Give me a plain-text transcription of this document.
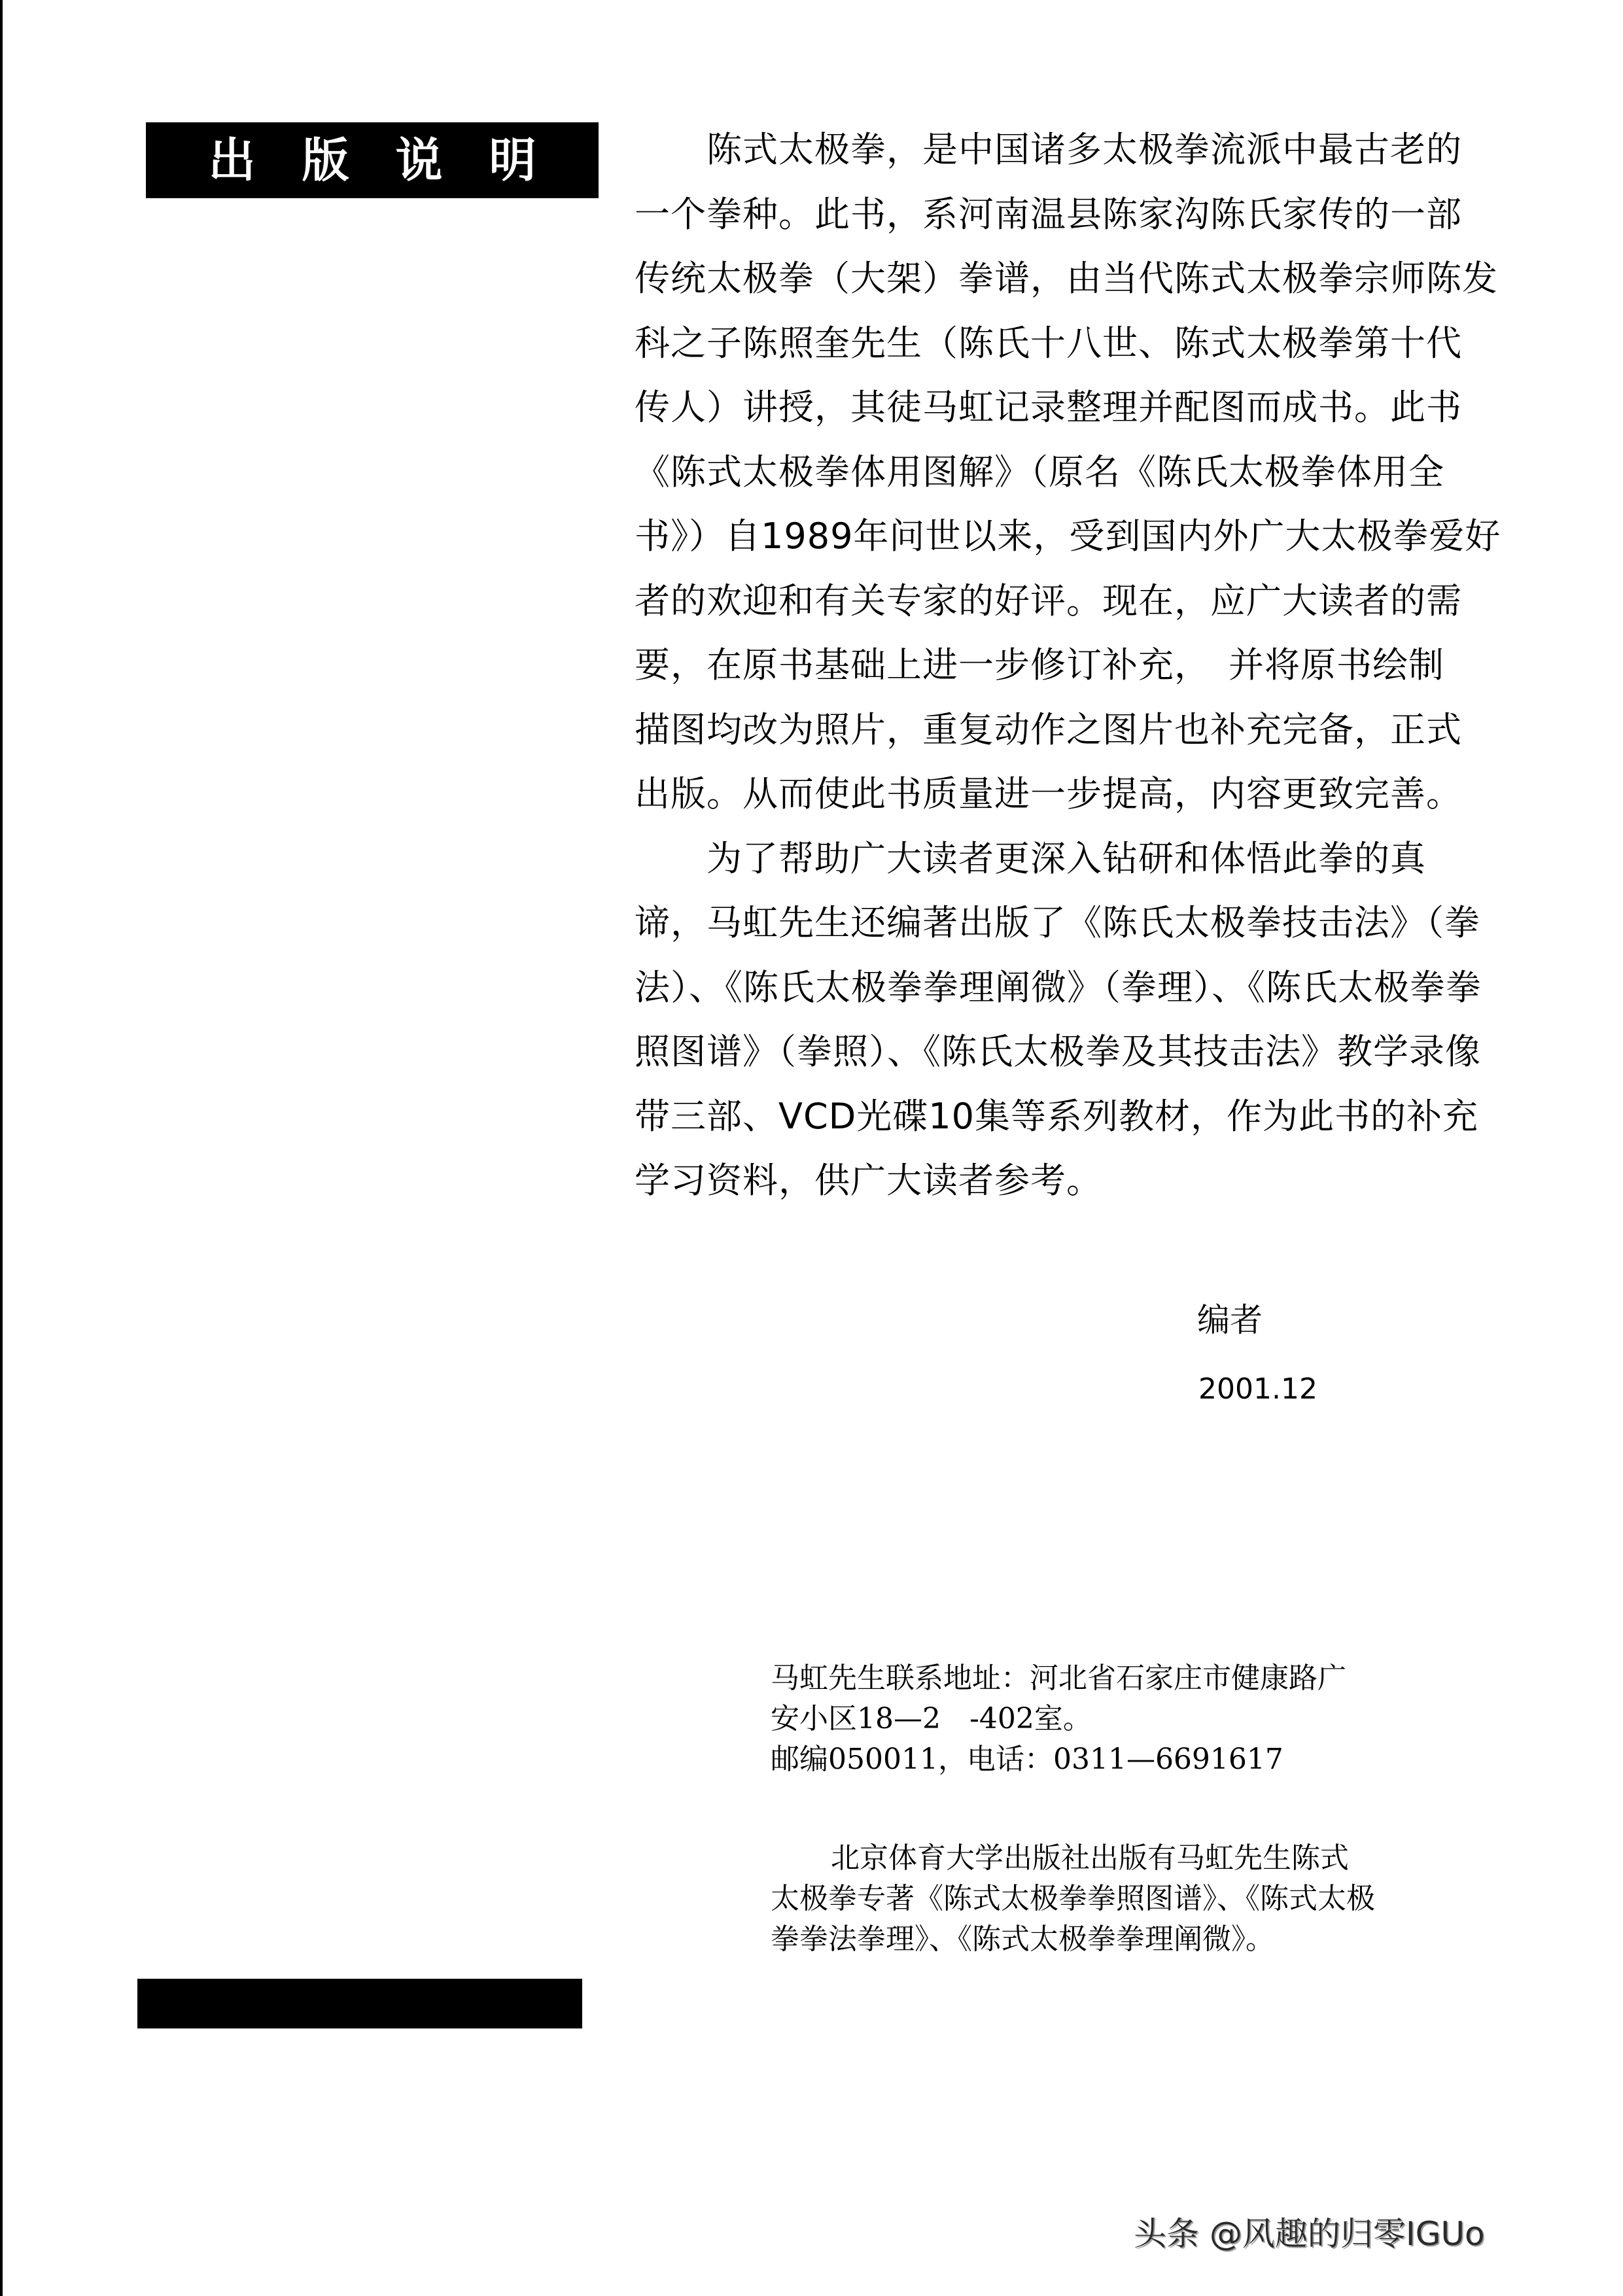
出 版 说 明	陈式太极拳，是中国诸多太极拳流派中最古老的
一个拳种。此书，系河南温县陈家沟陈氏家传的一部
传统太极拳（大架）拳谱，由当代陈式太极拳宗师陈发
科之子陈照奎先生（陈氏十八世、陈式太极拳第十代
传人）讲授，其徒马虹记录整理并配图而成书。此书
《陈式太极拳体用图解》（原名《陈氏太极拳体用全
书》）自1989年问世以来，受到国内外广大太极拳爱好
者的欢迎和有关专家的好评。现在，应广大读者的需
要，在原书基础上进一步修订补充，　并将原书绘制
描图均改为照片，重复动作之图片也补充完备，正式
出版。从而使此书质量进一步提高，内容更致完善。

为了帮助广大读者更深入钻研和体悟此拳的真
谛，马虹先生还编著出版了《陈氏太极拳技击法》（拳
法）、《陈氏太极拳拳理阐微》（拳理）、《陈氏太极拳拳
照图谱》（拳照）、《陈氏太极拳及其技击法》教学录像
带三部、VCD光碟10集等系列教材，作为此书的补充
学习资料，供广大读者参考。

编者
2001.12
马虹先生联系地址：河北省石家庄市健康路广
安小区18—2　-402室。
邮编050011，电话：0311—6691617
北京体育大学出版社出版有马虹先生陈式
太极拳专著《陈式太极拳拳照图谱》、《陈式太极
拳拳法拳理》、《陈式太极拳拳理阐微》。
头条 @风趣的归零IGUo
